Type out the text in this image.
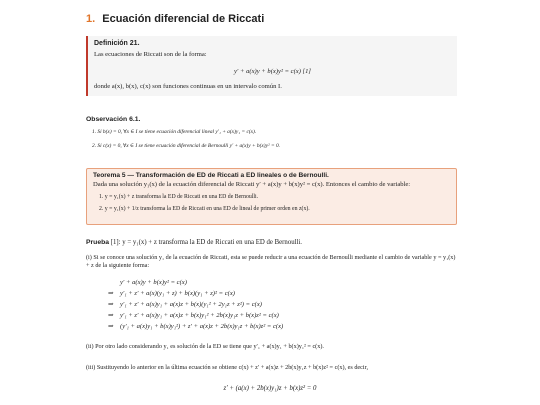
1. Ecuación diferencial de Riccati
Definición 21.
Las ecuaciones de Riccati son de la forma:
y′ + a(x)y + b(x)y² = c(x) [1]
donde a(x), b(x), c(x) son funciones continuas en un intervalo común I.
Observación 6.1.
1. Si b(x) = 0, ∀x ∈ I se tiene ecuación diferencial lineal y′₁ + a(x)y₁ = c(x).
2. Si c(x) = 0, ∀x ∈ I se tiene ecuación diferencial de Bernoulli y′ + a(x)y + b(x)y² = 0.
Teorema 5 — Transformación de ED de Riccati a ED lineales o de Bernoulli.
Dada una solución y₁(x) de la ecuación diferencial de Riccati y′ + a(x)y + b(x)y² = c(x). Entonces el cambio de variable:
1. y = y₁(x) + z transforma la ED de Riccati en una ED de Bernoulli.
2. y = y₁(x) + 1/z transforma la ED de Riccati en una ED de lineal de primer orden en z(x).
Prueba [1]: y = y₁(x) + z transforma la ED de Riccati en una ED de Bernoulli.
(i) Si se conoce una solución y₁ de la ecuación de Riccati, esta se puede reducir a una ecuación de Bernoulli mediante el cambio de variable y = y₁(x) + z de la siguiente forma:
y′ + a(x)y + b(x)y² = c(x)
⇒ y′₁ + z′ + a(x)(y₁ + z) + b(x)(y₁ + z)² = c(x)
⇒ y′₁ + z′ + a(x)y₁ + a(x)z + b(x)(y₁² + 2y₁z + z²) = c(x)
⇒ y′₁ + z′ + a(x)y₁ + a(x)z + b(x)y₁² + 2b(x)y₁z + b(x)z² = c(x)
⇒ (y′₁ + a(x)y₁ + b(x)y₁²) + z′ + a(x)z + 2b(x)y₁z + b(x)z² = c(x)
(ii) Por otro lado considerando y₁ es solución de la ED se tiene que y′₁ + a(x)y₁ + b(x)y₁² = c(x).
(iii) Sustituyendo lo anterior en la última ecuación se obtiene c(x) + z′ + a(x)z + 2b(x)y₁z + b(x)z² = c(x), es decir,
z′ + (a(x) + 2b(x)y₁)z + b(x)z² = 0
